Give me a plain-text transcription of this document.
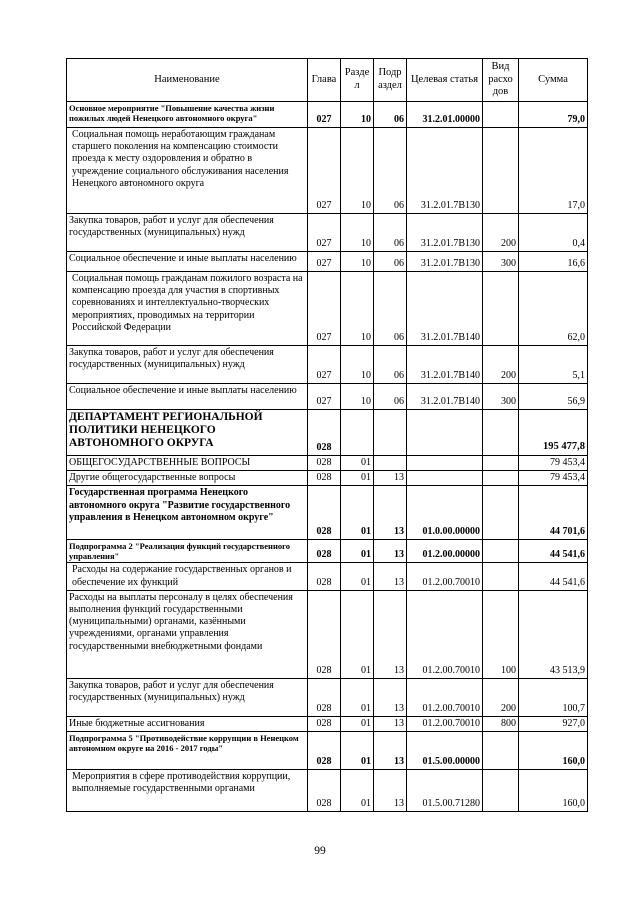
Наименование	Глава	Разде л	Подр аздел	Целевая статья	Вид расхо дов	Сумма
Основное мероприятие "Повышение качества жизни пожилых людей Ненецкого автономного округа"	027	10	06	31.2.01.00000		79,0
Социальная помощь неработающим гражданам старшего поколения на компенсацию стоимости проезда к месту оздоровления и обратно в учреждение социального обслуживания населения Ненецкого автономного округа	027	10	06	31.2.01.7В130		17,0
Закупка товаров, работ и услуг для обеспечения государственных (муниципальных) нужд	027	10	06	31.2.01.7В130	200	0,4
Социальное обеспечение и иные выплаты населению	027	10	06	31.2.01.7В130	300	16,6
Социальная помощь гражданам пожилого возраста на компенсацию проезда для участия в спортивных соревнованиях и интеллектуально-творческих мероприятиях, проводимых на территории Российской Федерации	027	10	06	31.2.01.7В140		62,0
Закупка товаров, работ и услуг для обеспечения государственных (муниципальных) нужд	027	10	06	31.2.01.7В140	200	5,1
Социальное обеспечение и иные выплаты населению	027	10	06	31.2.01.7В140	300	56,9
ДЕПАРТАМЕНТ РЕГИОНАЛЬНОЙ ПОЛИТИКИ НЕНЕЦКОГО АВТОНОМНОГО ОКРУГА	028					195 477,8
ОБЩЕГОСУДАРСТВЕННЫЕ ВОПРОСЫ	028	01				79 453,4
Другие общегосударственные вопросы	028	01	13			79 453,4
Государственная программа Ненецкого автономного округа "Развитие государственного управления в Ненецком автономном округе"	028	01	13	01.0.00.00000		44 701,6
Подпрограмма 2 "Реализация функций государственного управления"	028	01	13	01.2.00.00000		44 541,6
Расходы на содержание государственных органов и обеспечение их функций	028	01	13	01.2.00.70010		44 541,6
Расходы на выплаты персоналу в целях обеспечения выполнения функций государственными (муниципальными) органами, казёнными учреждениями, органами управления государственными внебюджетными фондами	028	01	13	01.2.00.70010	100	43 513,9
Закупка товаров, работ и услуг для обеспечения государственных (муниципальных) нужд	028	01	13	01.2.00.70010	200	100,7
Иные бюджетные ассигнования	028	01	13	01.2.00.70010	800	927,0
Подпрограмма 5 "Противодействие коррупции в Ненецком автономном округе на 2016 - 2017 годы"	028	01	13	01.5.00.00000		160,0
Мероприятия в сфере противодействия коррупции, выполняемые государственными органами	028	01	13	01.5.00.71280		160,0
99
